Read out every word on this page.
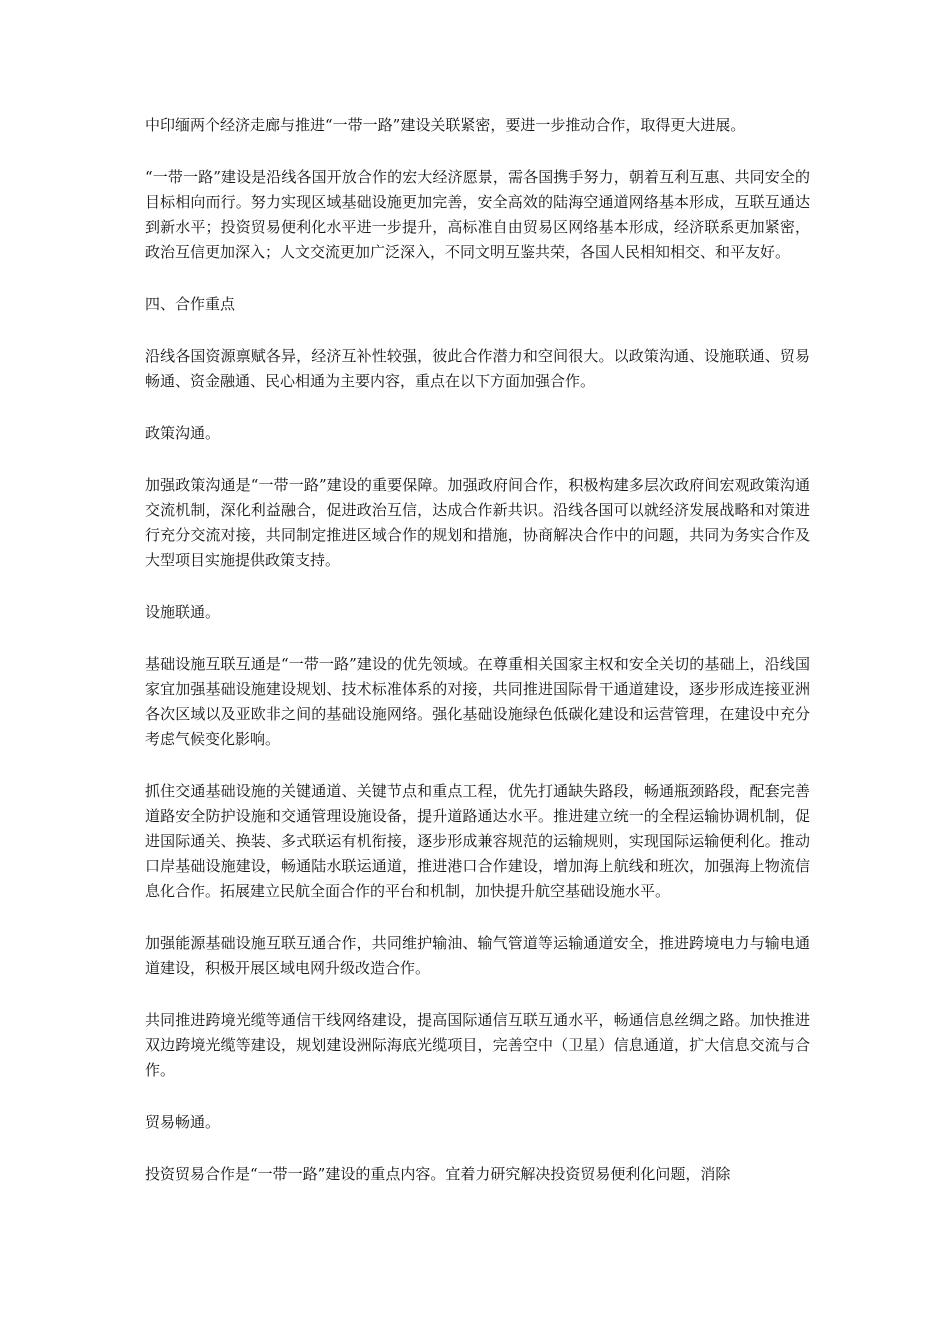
中印缅两个经济走廊与推进“一带一路”建设关联紧密，要进一步推动合作，取得更大进展。

“一带一路”建设是沿线各国开放合作的宏大经济愿景，需各国携手努力，朝着互利互惠、共同安全的目标相向而行。努力实现区域基础设施更加完善，安全高效的陆海空通道网络基本形成，互联互通达到新水平；投资贸易便利化水平进一步提升，高标准自由贸易区网络基本形成，经济联系更加紧密，政治互信更加深入；人文交流更加广泛深入，不同文明互鉴共荣，各国人民相知相交、和平友好。

四、合作重点

沿线各国资源禀赋各异，经济互补性较强，彼此合作潜力和空间很大。以政策沟通、设施联通、贸易畅通、资金融通、民心相通为主要内容，重点在以下方面加强合作。

政策沟通。

加强政策沟通是“一带一路”建设的重要保障。加强政府间合作，积极构建多层次政府间宏观政策沟通交流机制，深化利益融合，促进政治互信，达成合作新共识。沿线各国可以就经济发展战略和对策进行充分交流对接，共同制定推进区域合作的规划和措施，协商解决合作中的问题，共同为务实合作及大型项目实施提供政策支持。

设施联通。

基础设施互联互通是“一带一路”建设的优先领域。在尊重相关国家主权和安全关切的基础上，沿线国家宜加强基础设施建设规划、技术标准体系的对接，共同推进国际骨干通道建设，逐步形成连接亚洲各次区域以及亚欧非之间的基础设施网络。强化基础设施绿色低碳化建设和运营管理，在建设中充分考虑气候变化影响。

抓住交通基础设施的关键通道、关键节点和重点工程，优先打通缺失路段，畅通瓶颈路段，配套完善道路安全防护设施和交通管理设施设备，提升道路通达水平。推进建立统一的全程运输协调机制，促进国际通关、换装、多式联运有机衔接，逐步形成兼容规范的运输规则，实现国际运输便利化。推动口岸基础设施建设，畅通陆水联运通道，推进港口合作建设，增加海上航线和班次，加强海上物流信息化合作。拓展建立民航全面合作的平台和机制，加快提升航空基础设施水平。

加强能源基础设施互联互通合作，共同维护输油、输气管道等运输通道安全，推进跨境电力与输电通道建设，积极开展区域电网升级改造合作。

共同推进跨境光缆等通信干线网络建设，提高国际通信互联互通水平，畅通信息丝绸之路。加快推进双边跨境光缆等建设，规划建设洲际海底光缆项目，完善空中（卫星）信息通道，扩大信息交流与合作。

贸易畅通。

投资贸易合作是“一带一路”建设的重点内容。宜着力研究解决投资贸易便利化问题，消除
